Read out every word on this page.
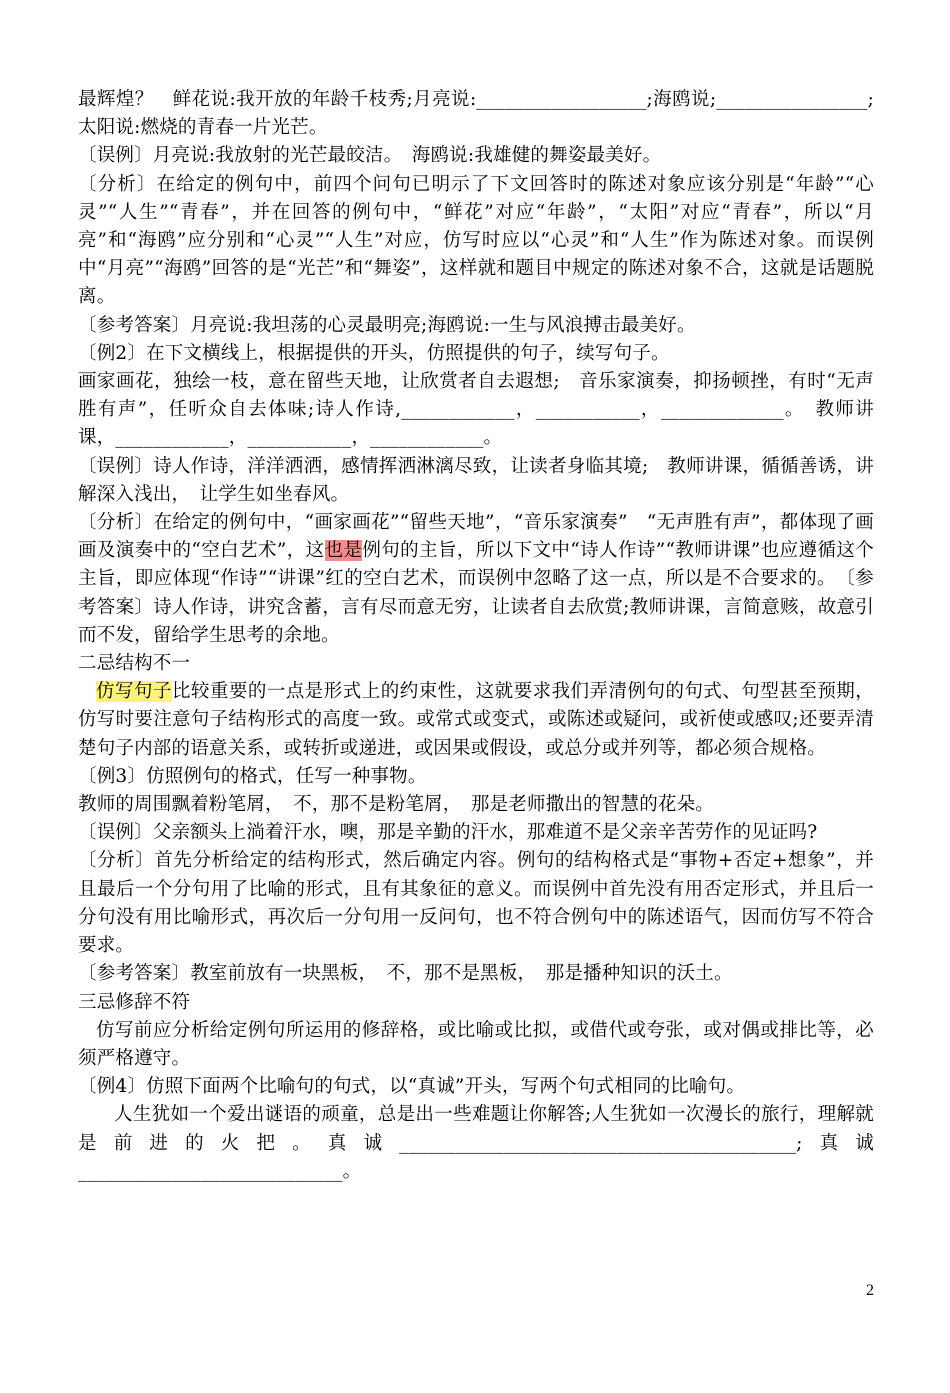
最辉煌？　鲜花说:我开放的年龄千枝秀;月亮说:__________________;海鸥说;________________;　太阳说:燃烧的青春一片光芒。

〔误例〕月亮说:我放射的光芒最皎洁。　海鸥说:我雄健的舞姿最美好。

〔分析〕在给定的例句中，前四个问句已明示了下文回答时的陈述对象应该分别是“年龄”“心灵”“人生”“青春”，并在回答的例句中，“鲜花”对应“年龄”，“太阳”对应“青春”，所以“月亮”和“海鸥”应分别和“心灵”“人生”对应，仿写时应以“心灵”和“人生”作为陈述对象。而误例中“月亮”“海鸥”回答的是“光芒”和“舞姿”，这样就和题目中规定的陈述对象不合，这就是话题脱离。

〔参考答案〕月亮说:我坦荡的心灵最明亮;海鸥说:一生与风浪搏击最美好。

〔例2〕在下文横线上，根据提供的开头，仿照提供的句子，续写句子。

画家画花，独绘一枝，意在留些天地，让欣赏者自去遐想;　音乐家演奏，抑扬顿挫，有时“无声胜有声”，任听众自去体味;诗人作诗,____________，___________，_____________。　教师讲课，____________，___________，____________。

〔误例〕诗人作诗，洋洋洒洒，感情挥洒淋漓尽致，让读者身临其境;　教师讲课，循循善诱，讲解深入浅出，　让学生如坐春风。

〔分析〕在给定的例句中，“画家画花”“留些天地”，“音乐家演奏”　“无声胜有声”，都体现了画画及演奏中的“空白艺术”，这也是例句的主旨，所以下文中“诗人作诗”“教师讲课”也应遵循这个主旨，即应体现“作诗”“讲课”红的空白艺术，而误例中忽略了这一点，所以是不合要求的。　〔参考答案〕诗人作诗，讲究含蓄，言有尽而意无穷，让读者自去欣赏;教师讲课，言简意赅，故意引而不发，留给学生思考的余地。

二忌结构不一

仿写句子比较重要的一点是形式上的约束性，这就要求我们弄清例句的句式、句型甚至预期，仿写时要注意句子结构形式的高度一致。或常式或变式，或陈述或疑问，或祈使或感叹;还要弄清楚句子内部的语意关系，或转折或递进，或因果或假设，或总分或并列等，都必须合规格。

〔例3〕仿照例句的格式，任写一种事物。

教师的周围飘着粉笔屑，　不，那不是粉笔屑，　那是老师撒出的智慧的花朵。

〔误例〕父亲额头上淌着汗水，噢，那是辛勤的汗水，那难道不是父亲辛苦劳作的见证吗?

〔分析〕首先分析给定的结构形式，然后确定内容。例句的结构格式是“事物+否定+想象”，并且最后一个分句用了比喻的形式，且有其象征的意义。而误例中首先没有用否定形式，并且后一分句没有用比喻形式，再次后一分句用一反问句，也不符合例句中的陈述语气，因而仿写不符合要求。

〔参考答案〕教室前放有一块黑板，　不，那不是黑板，　那是播种知识的沃土。

三忌修辞不符

仿写前应分析给定例句所运用的修辞格，或比喻或比拟，或借代或夸张，或对偶或排比等，必须严格遵守。

〔例4〕仿照下面两个比喻句的句式，以“真诚”开头，写两个句式相同的比喻句。

人生犹如一个爱出谜语的顽童，总是出一些难题让你解答;人生犹如一次漫长的旅行，理解就是前进的火把。真诚__________________________________________;真诚____________________________。

2
